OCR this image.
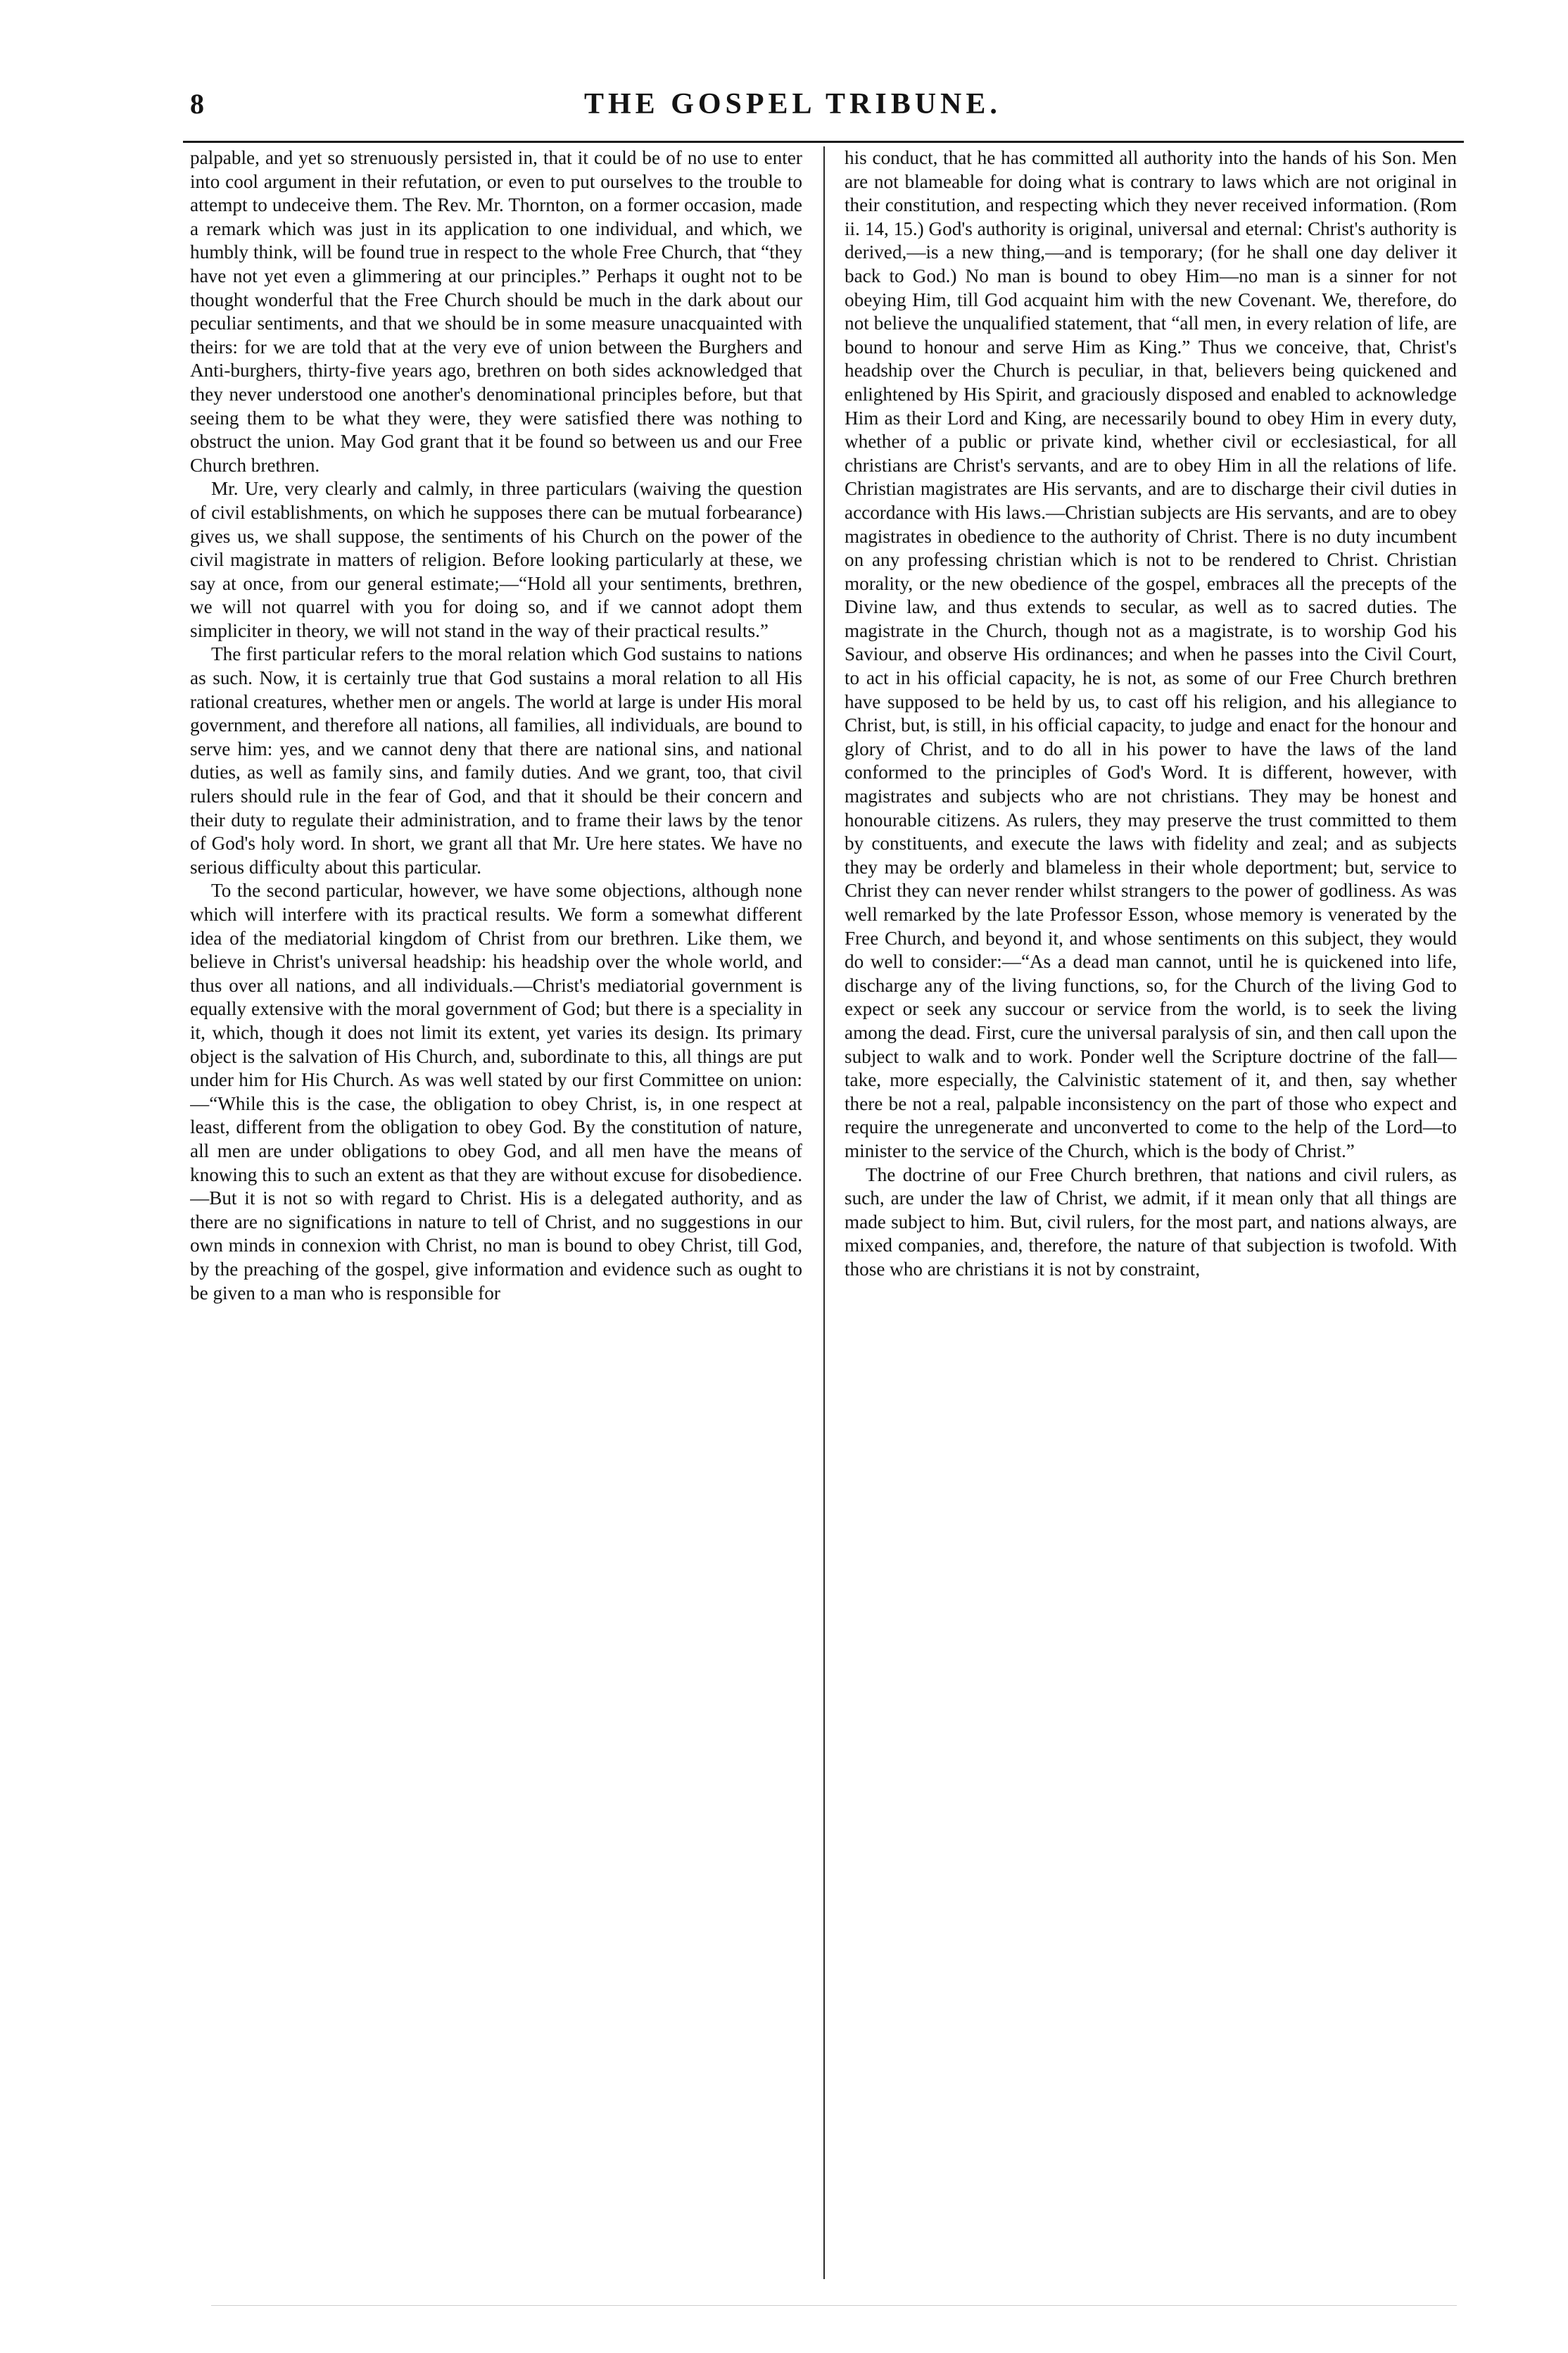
8	THE GOSPEL TRIBUNE.

palpable, and yet so strenuously persisted in, that it could be of no use to enter into cool argument in their refutation, or even to put ourselves to the trouble to attempt to undeceive them. The Rev. Mr. Thornton, on a former occasion, made a remark which was just in its application to one individual, and which, we humbly think, will be found true in respect to the whole Free Church, that “they have not yet even a glimmering at our principles.” Perhaps it ought not to be thought wonderful that the Free Church should be much in the dark about our peculiar sentiments, and that we should be in some measure unacquainted with theirs: for we are told that at the very eve of union between the Burghers and Anti-burghers, thirty-five years ago, brethren on both sides acknowledged that they never understood one another's denominational principles before, but that seeing them to be what they were, they were satisfied there was nothing to obstruct the union. May God grant that it be found so between us and our Free Church brethren.

Mr. Ure, very clearly and calmly, in three particulars (waiving the question of civil establishments, on which he supposes there can be mutual forbearance) gives us, we shall suppose, the sentiments of his Church on the power of the civil magistrate in matters of religion. Before looking particularly at these, we say at once, from our general estimate;—“Hold all your sentiments, brethren, we will not quarrel with you for doing so, and if we cannot adopt them simpliciter in theory, we will not stand in the way of their practical results.”

The first particular refers to the moral relation which God sustains to nations as such. Now, it is certainly true that God sustains a moral relation to all His rational creatures, whether men or angels. The world at large is under His moral government, and therefore all nations, all families, all individuals, are bound to serve him: yes, and we cannot deny that there are national sins, and national duties, as well as family sins, and family duties. And we grant, too, that civil rulers should rule in the fear of God, and that it should be their concern and their duty to regulate their administration, and to frame their laws by the tenor of God's holy word. In short, we grant all that Mr. Ure here states. We have no serious difficulty about this particular.

To the second particular, however, we have some objections, although none which will interfere with its practical results. We form a somewhat different idea of the mediatorial kingdom of Christ from our brethren. Like them, we believe in Christ's universal headship: his headship over the whole world, and thus over all nations, and all individuals.—Christ's mediatorial government is equally extensive with the moral government of God; but there is a speciality in it, which, though it does not limit its extent, yet varies its design. Its primary object is the salvation of His Church, and, subordinate to this, all things are put under him for His Church. As was well stated by our first Committee on union:—“While this is the case, the obligation to obey Christ, is, in one respect at least, different from the obligation to obey God. By the constitution of nature, all men are under obligations to obey God, and all men have the means of knowing this to such an extent as that they are without excuse for disobedience.—But it is not so with regard to Christ. His is a delegated authority, and as there are no significations in nature to tell of Christ, and no suggestions in our own minds in connexion with Christ, no man is bound to obey Christ, till God, by the preaching of the gospel, give information and evidence such as ought to be given to a man who is responsible for

his conduct, that he has committed all authority into the hands of his Son. Men are not blameable for doing what is contrary to laws which are not original in their constitution, and respecting which they never received information. (Rom ii. 14, 15.) God's authority is original, universal and eternal: Christ's authority is derived,—is a new thing,—and is temporary; (for he shall one day deliver it back to God.) No man is bound to obey Him—no man is a sinner for not obeying Him, till God acquaint him with the new Covenant. We, therefore, do not believe the unqualified statement, that “all men, in every relation of life, are bound to honour and serve Him as King.” Thus we conceive, that, Christ's headship over the Church is peculiar, in that, believers being quickened and enlightened by His Spirit, and graciously disposed and enabled to acknowledge Him as their Lord and King, are necessarily bound to obey Him in every duty, whether of a public or private kind, whether civil or ecclesiastical, for all christians are Christ's servants, and are to obey Him in all the relations of life. Christian magistrates are His servants, and are to discharge their civil duties in accordance with His laws.—Christian subjects are His servants, and are to obey magistrates in obedience to the authority of Christ. There is no duty incumbent on any professing christian which is not to be rendered to Christ. Christian morality, or the new obedience of the gospel, embraces all the precepts of the Divine law, and thus extends to secular, as well as to sacred duties. The magistrate in the Church, though not as a magistrate, is to worship God his Saviour, and observe His ordinances; and when he passes into the Civil Court, to act in his official capacity, he is not, as some of our Free Church brethren have supposed to be held by us, to cast off his religion, and his allegiance to Christ, but, is still, in his official capacity, to judge and enact for the honour and glory of Christ, and to do all in his power to have the laws of the land conformed to the principles of God's Word. It is different, however, with magistrates and subjects who are not christians. They may be honest and honourable citizens. As rulers, they may preserve the trust committed to them by constituents, and execute the laws with fidelity and zeal; and as subjects they may be orderly and blameless in their whole deportment; but, service to Christ they can never render whilst strangers to the power of godliness. As was well remarked by the late Professor Esson, whose memory is venerated by the Free Church, and beyond it, and whose sentiments on this subject, they would do well to consider:—“As a dead man cannot, until he is quickened into life, discharge any of the living functions, so, for the Church of the living God to expect or seek any succour or service from the world, is to seek the living among the dead. First, cure the universal paralysis of sin, and then call upon the subject to walk and to work. Ponder well the Scripture doctrine of the fall—take, more especially, the Calvinistic statement of it, and then, say whether there be not a real, palpable inconsistency on the part of those who expect and require the unregenerate and unconverted to come to the help of the Lord—to minister to the service of the Church, which is the body of Christ.”

The doctrine of our Free Church brethren, that nations and civil rulers, as such, are under the law of Christ, we admit, if it mean only that all things are made subject to him. But, civil rulers, for the most part, and nations always, are mixed companies, and, therefore, the nature of that subjection is twofold. With those who are christians it is not by constraint,
